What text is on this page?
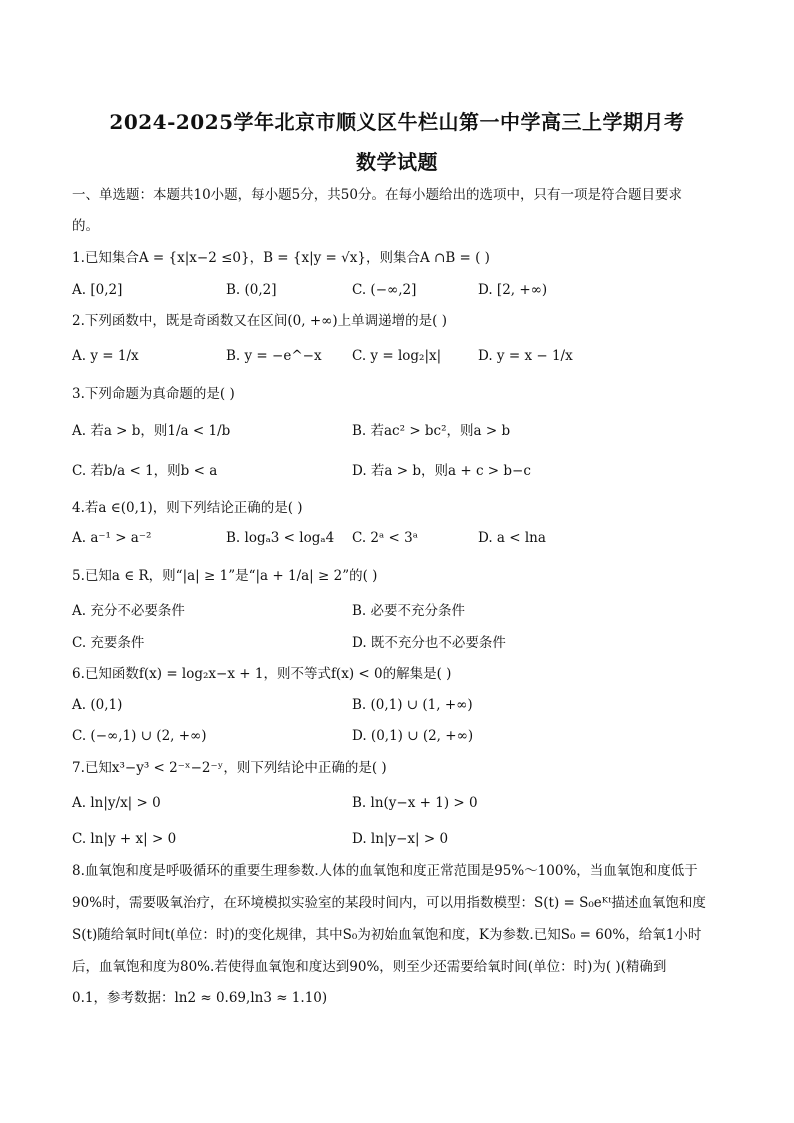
2024-2025学年北京市顺义区牛栏山第一中学高三上学期月考
数学试题
一、单选题：本题共10小题，每小题5分，共50分。在每小题给出的选项中，只有一项是符合题目要求
的。
1.已知集合A = {x|x−2 ≤0}，B = {x|y = √x}，则集合A ∩B = ( )
A. [0,2]	B. (0,2]	C. (−∞,2]	D. [2, +∞)
2.下列函数中，既是奇函数又在区间(0, +∞)上单调递增的是( )
A. y = 1/x	B. y = −e^−x C. y = log₂|x|	D. y = x − 1/x
3.下列命题为真命题的是( )
A. 若a > b，则1/a < 1/b	B. 若ac² > bc²，则a > b
C. 若b/a < 1，则b < a	D. 若a > b，则a + c > b−c
4.若a ∈(0,1)，则下列结论正确的是( )
A. a⁻¹ > a⁻²	B. logₐ3 < logₐ4 C. 2ᵃ < 3ᵃ	D. a < lna
5.已知a ∈ R，则“|a| ≥ 1”是“|a + 1/a| ≥ 2”的( )
A. 充分不必要条件	B. 必要不充分条件
C. 充要条件	D. 既不充分也不必要条件
6.已知函数f(x) = log₂x−x + 1，则不等式f(x) < 0的解集是( )
A. (0,1)	B. (0,1) ∪ (1, +∞)
C. (−∞,1) ∪ (2, +∞)	D. (0,1) ∪ (2, +∞)
7.已知x³−y³ < 2⁻ˣ−2⁻ʸ，则下列结论中正确的是( )
A. ln|y/x| > 0	B. ln(y−x + 1) > 0
C. ln|y + x| > 0	D. ln|y−x| > 0
8.血氧饱和度是呼吸循环的重要生理参数.人体的血氧饱和度正常范围是95%～100%，当血氧饱和度低于
90%时，需要吸氧治疗，在环境模拟实验室的某段时间内，可以用指数模型：S(t) = S₀eᴷᵗ描述血氧饱和度
S(t)随给氧时间t(单位：时)的变化规律，其中S₀为初始血氧饱和度，K为参数.已知S₀ = 60%，给氧1小时
后，血氧饱和度为80%.若使得血氧饱和度达到90%，则至少还需要给氧时间(单位：时)为( )(精确到
0.1，参考数据：ln2 ≈ 0.69,ln3 ≈ 1.10)
